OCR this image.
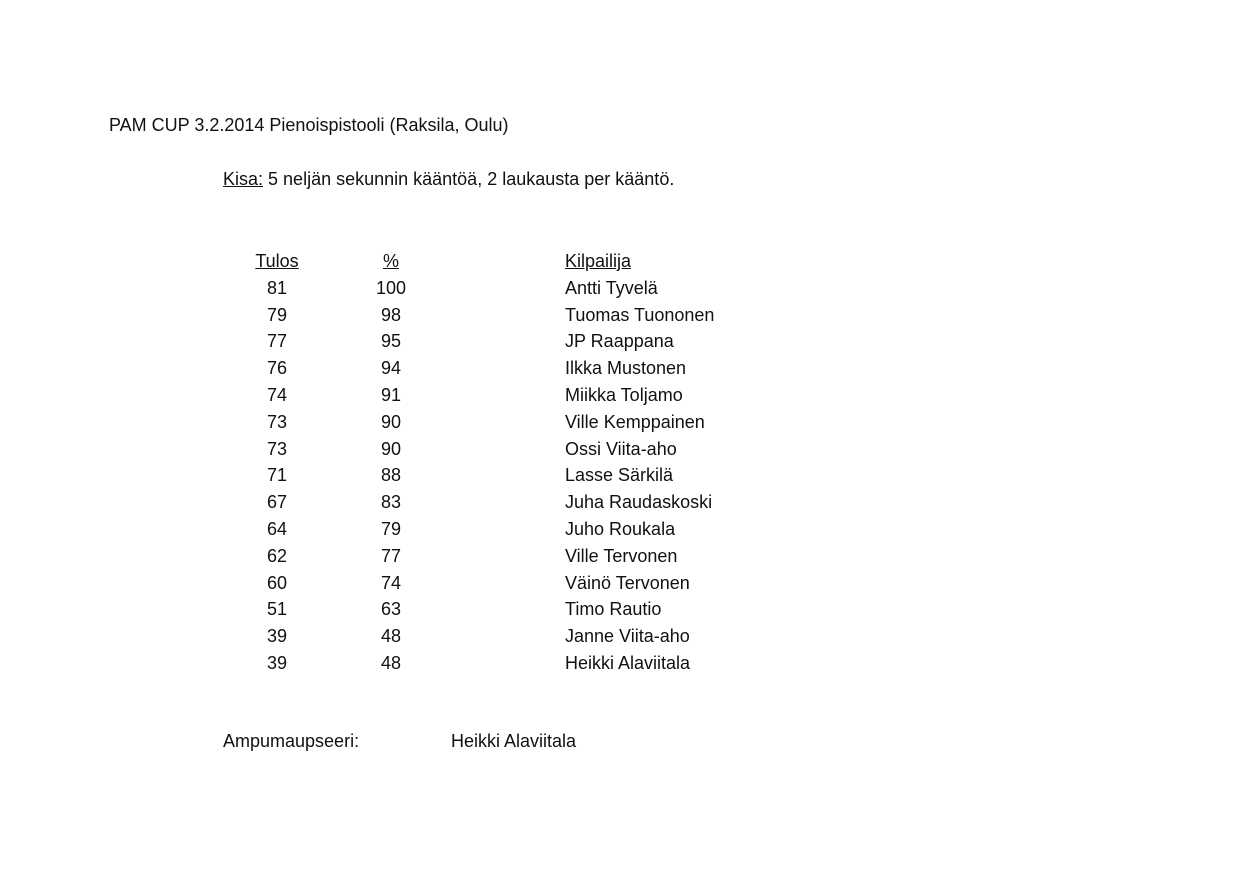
PAM CUP 3.2.2014 Pienoispistooli (Raksila, Oulu)
Kisa: 5 neljän sekunnin kääntöä, 2 laukausta per kääntö.
Tulos	%	Kilpailija
81	100	Antti Tyvelä
79	98	Tuomas Tuononen
77	95	JP Raappana
76	94	Ilkka Mustonen
74	91	Miikka Toljamo
73	90	Ville Kemppainen
73	90	Ossi Viita-aho
71	88	Lasse Särkilä
67	83	Juha Raudaskoski
64	79	Juho Roukala
62	77	Ville Tervonen
60	74	Väinö Tervonen
51	63	Timo Rautio
39	48	Janne Viita-aho
39	48	Heikki Alaviitala
Ampumaupseeri:	Heikki Alaviitala
